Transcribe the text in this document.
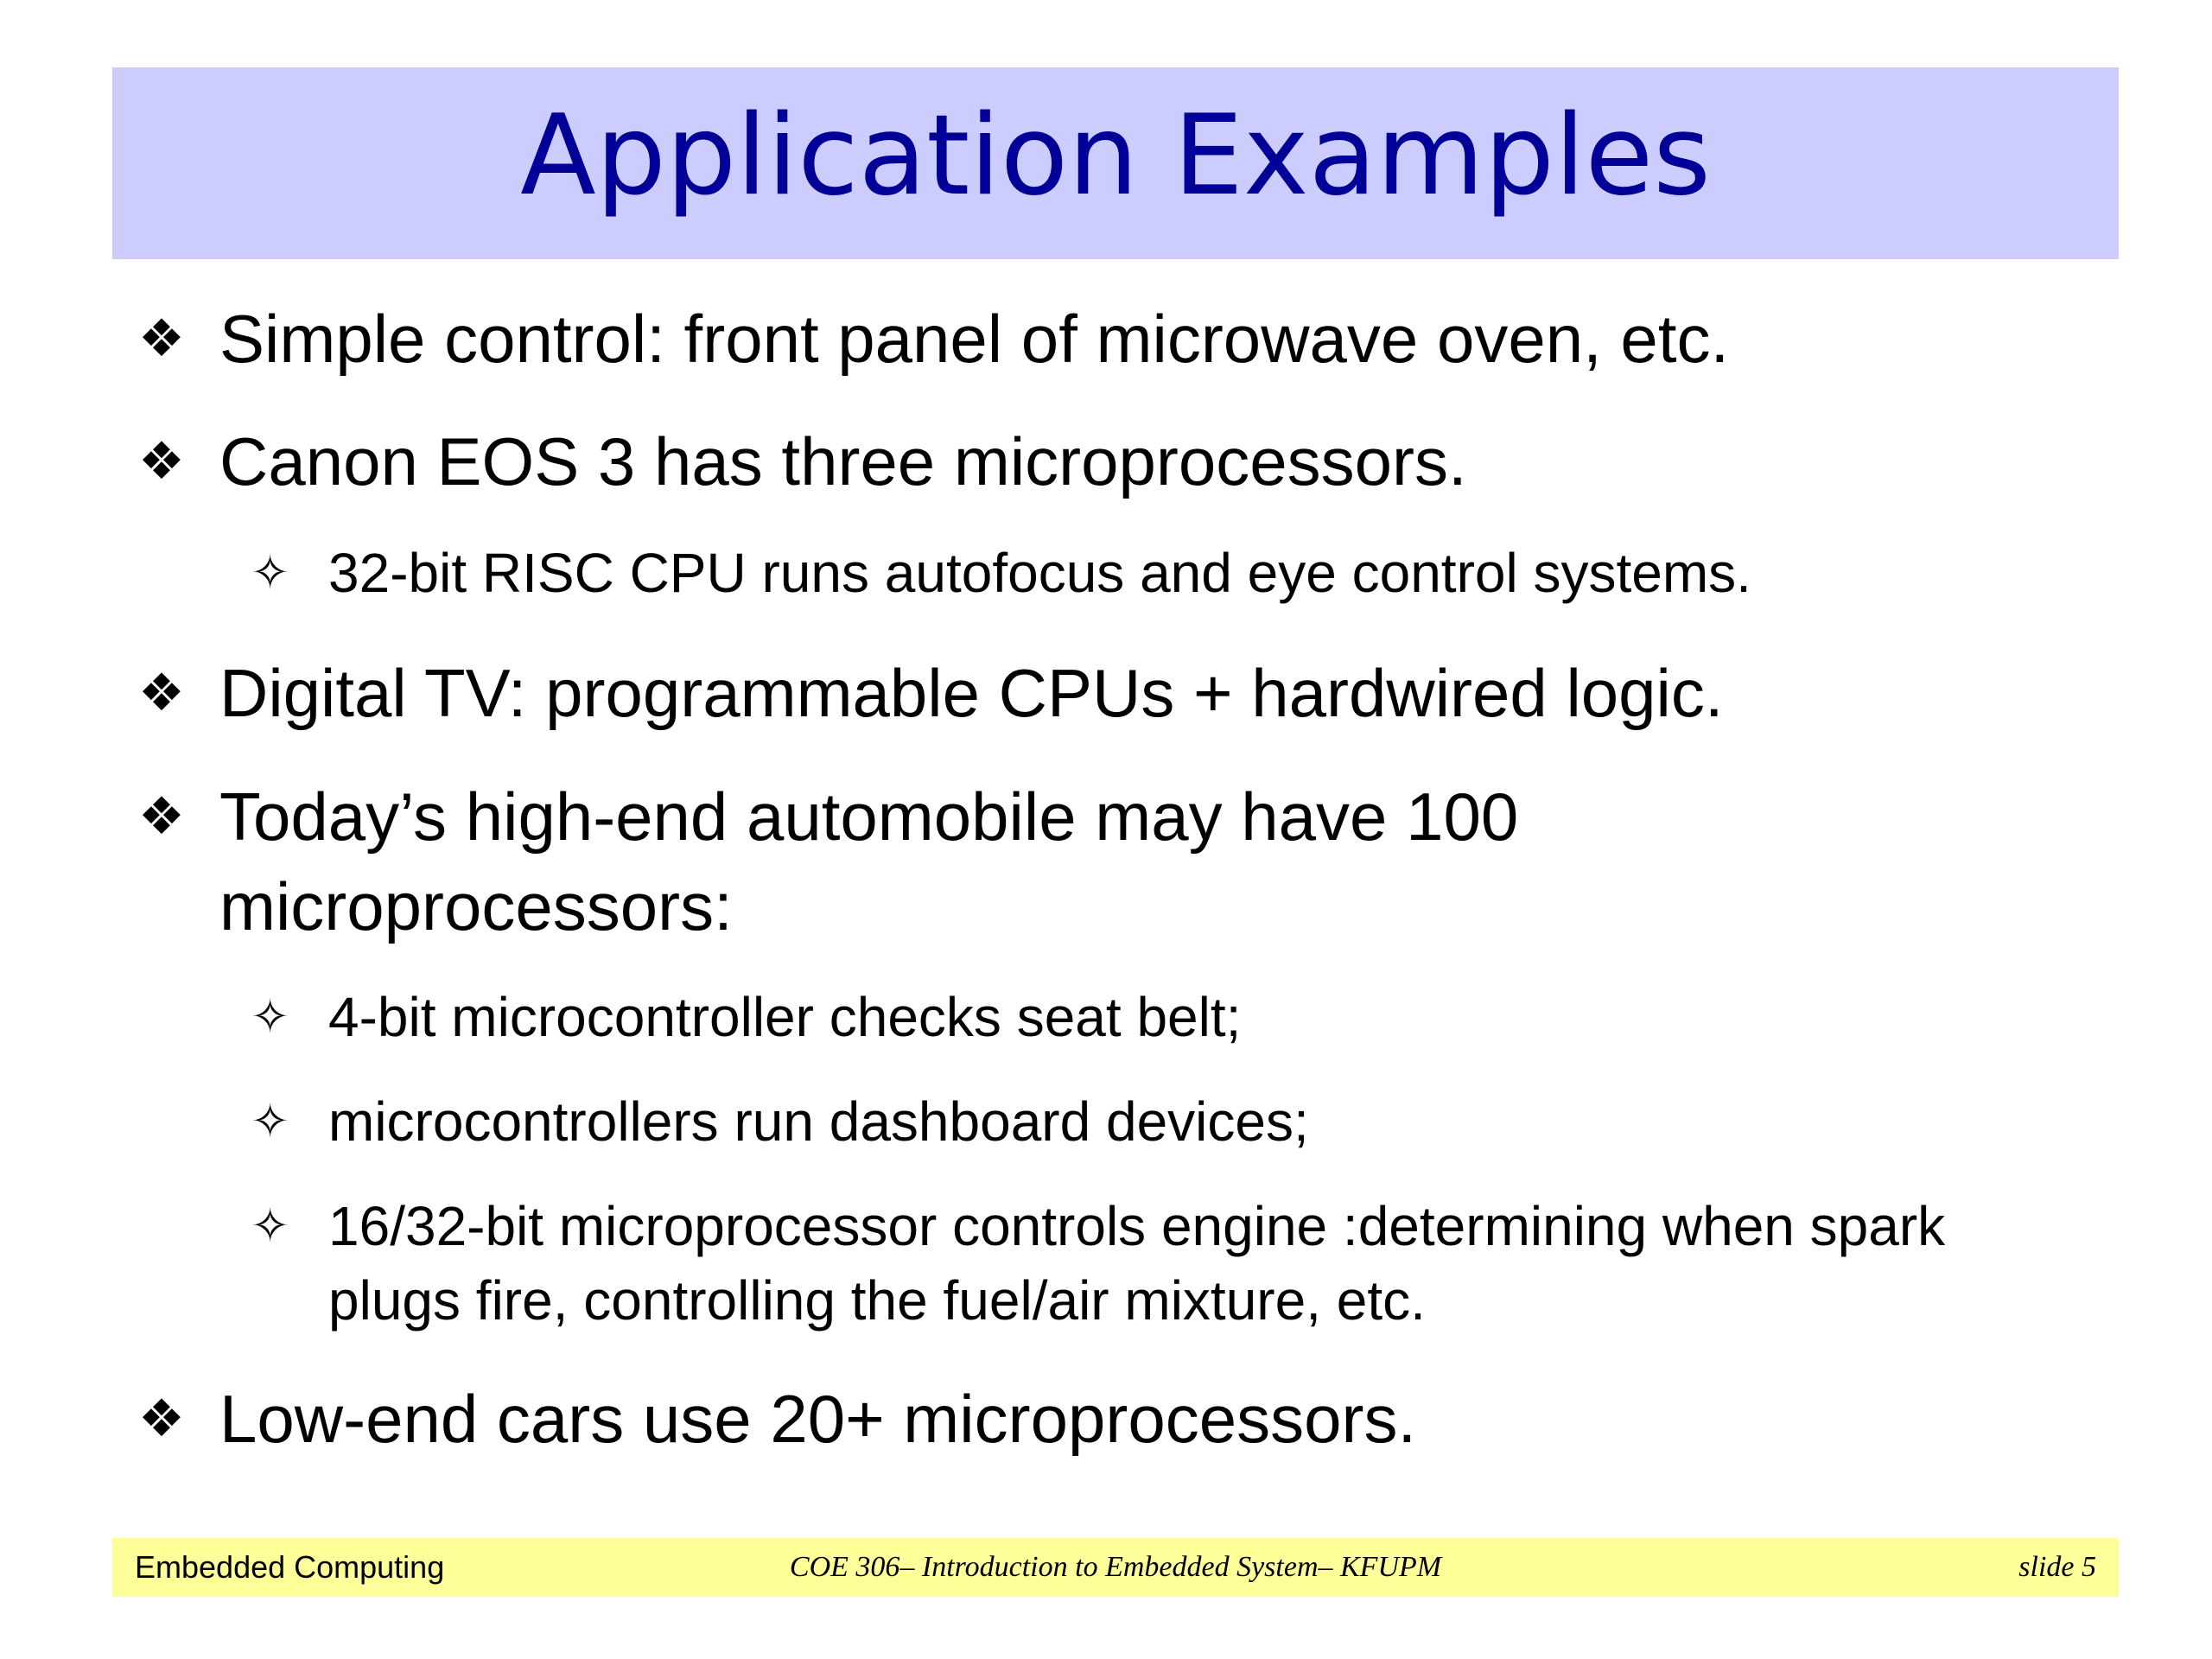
Application Examples
❖ Simple control: front panel of microwave oven, etc.
❖ Canon EOS 3 has three microprocessors.
✧ 32-bit RISC CPU runs autofocus and eye control systems.
❖ Digital TV: programmable CPUs + hardwired logic.
❖ Today’s high-end automobile may have 100 microprocessors:
✧ 4-bit microcontroller checks seat belt;
✧ microcontrollers run dashboard devices;
✧ 16/32-bit microprocessor controls engine :determining when spark plugs fire, controlling the fuel/air mixture, etc.
❖ Low-end cars use 20+ microprocessors.
Embedded Computing	COE 306– Introduction to Embedded System– KFUPM	slide 5
